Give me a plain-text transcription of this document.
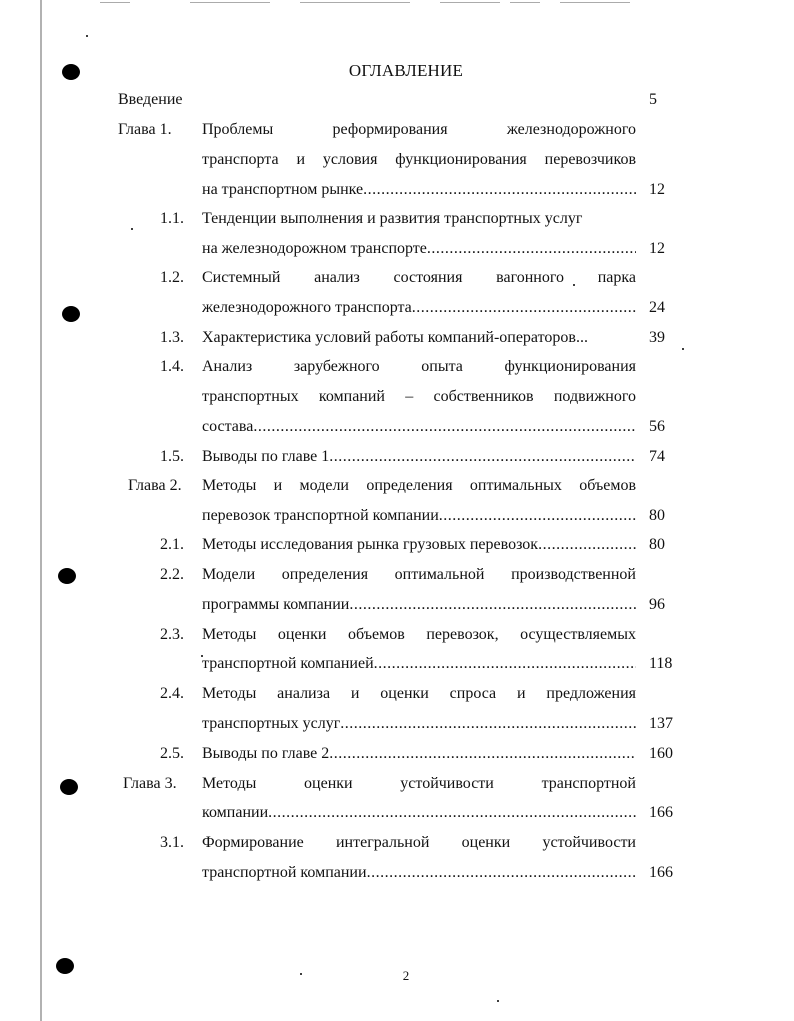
ОГЛАВЛЕНИЕ
Введение	5
Глава 1. Проблемы реформирования железнодорожного
транспорта и условия функционирования перевозчиков
на транспортном рынке .....	12
1.1. Тенденции выполнения и развития транспортных услуг
на железнодорожном транспорте .....	12
1.2. Системный анализ состояния вагонного парка
железнодорожного транспорта .....	24
1.3. Характеристика условий работы компаний-операторов...	39
1.4. Анализ зарубежного опыта функционирования
транспортных компаний – собственников подвижного
состава .....	56
1.5. Выводы по главе 1 .....	74
Глава 2. Методы и модели определения оптимальных объемов
перевозок транспортной компании .....	80
2.1. Методы исследования рынка грузовых перевозок .....	80
2.2. Модели определения оптимальной производственной
программы компании .....	96
2.3. Методы оценки объемов перевозок, осуществляемых
транспортной компанией .....	118
2.4. Методы анализа и оценки спроса и предложения
транспортных услуг .....	137
2.5. Выводы по главе 2 .....	160
Глава 3. Методы оценки устойчивости транспортной
компании .....	166
3.1. Формирование интегральной оценки устойчивости
транспортной компании .....	166
2
